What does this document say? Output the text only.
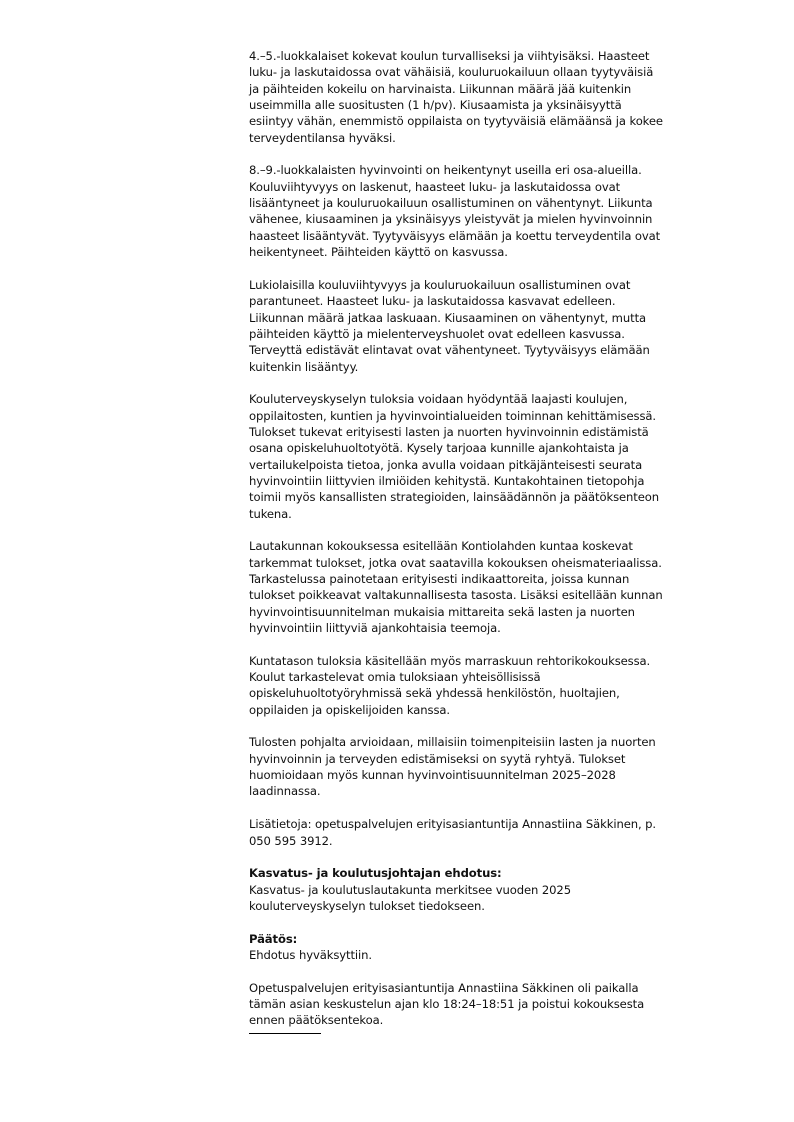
4.–5.-luokkalaiset kokevat koulun turvalliseksi ja viihtyisäksi. Haasteet
luku- ja laskutaidossa ovat vähäisiä, kouluruokailuun ollaan tyytyväisiä
ja päihteiden kokeilu on harvinaista. Liikunnan määrä jää kuitenkin
useimmilla alle suositusten (1 h/pv). Kiusaamista ja yksinäisyyttä
esiintyy vähän, enemmistö oppilaista on tyytyväisiä elämäänsä ja kokee
terveydentilansa hyväksi.
8.–9.-luokkalaisten hyvinvointi on heikentynyt useilla eri osa-alueilla.
Kouluviihtyvyys on laskenut, haasteet luku- ja laskutaidossa ovat
lisääntyneet ja kouluruokailuun osallistuminen on vähentynyt. Liikunta
vähenee, kiusaaminen ja yksinäisyys yleistyvät ja mielen hyvinvoinnin
haasteet lisääntyvät. Tyytyväisyys elämään ja koettu terveydentila ovat
heikentyneet. Päihteiden käyttö on kasvussa.
Lukiolaisilla kouluviihtyvyys ja kouluruokailuun osallistuminen ovat
parantuneet. Haasteet luku- ja laskutaidossa kasvavat edelleen.
Liikunnan määrä jatkaa laskuaan. Kiusaaminen on vähentynyt, mutta
päihteiden käyttö ja mielenterveyshuolet ovat edelleen kasvussa.
Terveyttä edistävät elintavat ovat vähentyneet. Tyytyväisyys elämään
kuitenkin lisääntyy.
Kouluterveyskyselyn tuloksia voidaan hyödyntää laajasti koulujen,
oppilaitosten, kuntien ja hyvinvointialueiden toiminnan kehittämisessä.
Tulokset tukevat erityisesti lasten ja nuorten hyvinvoinnin edistämistä
osana opiskeluhuoltotyötä. Kysely tarjoaa kunnille ajankohtaista ja
vertailukelpoista tietoa, jonka avulla voidaan pitkäjänteisesti seurata
hyvinvointiin liittyvien ilmiöiden kehitystä. Kuntakohtainen tietopohja
toimii myös kansallisten strategioiden, lainsäädännön ja päätöksenteon
tukena.
Lautakunnan kokouksessa esitellään Kontiolahden kuntaa koskevat
tarkemmat tulokset, jotka ovat saatavilla kokouksen oheismateriaalissa.
Tarkastelussa painotetaan erityisesti indikaattoreita, joissa kunnan
tulokset poikkeavat valtakunnallisesta tasosta. Lisäksi esitellään kunnan
hyvinvointisuunnitelman mukaisia mittareita sekä lasten ja nuorten
hyvinvointiin liittyviä ajankohtaisia teemoja.
Kuntatason tuloksia käsitellään myös marraskuun rehtorikokouksessa.
Koulut tarkastelevat omia tuloksiaan yhteisöllisissä
opiskeluhuoltotyöryhmissä sekä yhdessä henkilöstön, huoltajien,
oppilaiden ja opiskelijoiden kanssa.
Tulosten pohjalta arvioidaan, millaisiin toimenpiteisiin lasten ja nuorten
hyvinvoinnin ja terveyden edistämiseksi on syytä ryhtyä. Tulokset
huomioidaan myös kunnan hyvinvointisuunnitelman 2025–2028
laadinnassa.
Lisätietoja: opetuspalvelujen erityisasiantuntija Annastiina Säkkinen, p.
050 595 3912.
Kasvatus- ja koulutusjohtajan ehdotus:
Kasvatus- ja koulutuslautakunta merkitsee vuoden 2025
kouluterveyskyselyn tulokset tiedokseen.
Päätös:
Ehdotus hyväksyttiin.
Opetuspalvelujen erityisasiantuntija Annastiina Säkkinen oli paikalla
tämän asian keskustelun ajan klo 18:24–18:51 ja poistui kokouksesta
ennen päätöksentekoa.
